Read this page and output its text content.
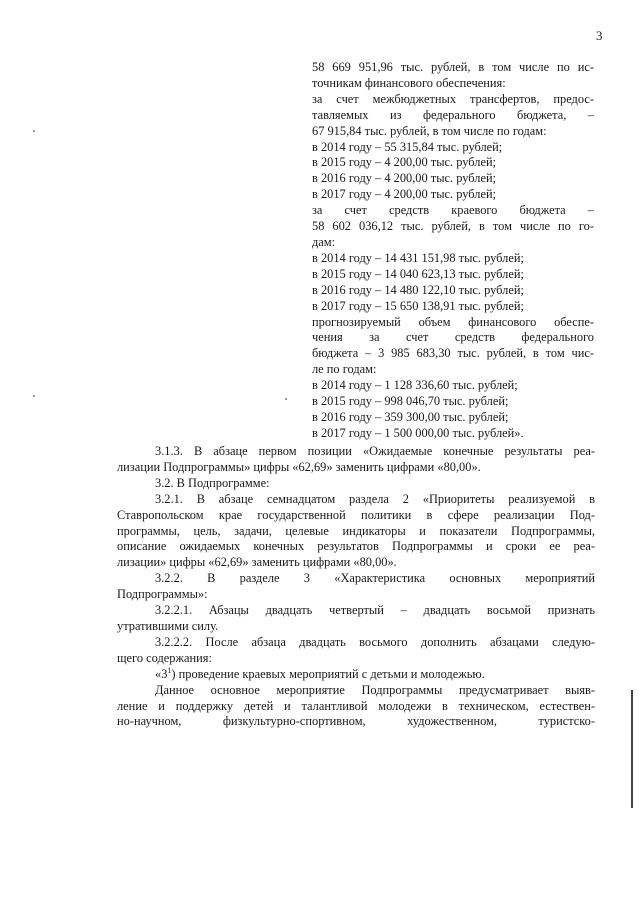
3
58 669 951,96 тыс. рублей, в том числе по ис-
точникам финансового обеспечения:
за счет межбюджетных трансфертов, предос-
тавляемых из федерального бюджета, –
67 915,84 тыс. рублей, в том числе по годам:
в 2014 году – 55 315,84 тыс. рублей;
в 2015 году – 4 200,00 тыс. рублей;
в 2016 году – 4 200,00 тыс. рублей;
в 2017 году – 4 200,00 тыс. рублей;
за счет средств краевого бюджета –
58 602 036,12 тыс. рублей, в том числе по го-
дам:
в 2014 году – 14 431 151,98 тыс. рублей;
в 2015 году – 14 040 623,13 тыс. рублей;
в 2016 году – 14 480 122,10 тыс. рублей;
в 2017 году – 15 650 138,91 тыс. рублей;
прогнозируемый объем финансового обеспе-
чения за счет средств федерального
бюджета – 3 985 683,30 тыс. рублей, в том чис-
ле по годам:
в 2014 году – 1 128 336,60 тыс. рублей;
в 2015 году – 998 046,70 тыс. рублей;
в 2016 году – 359 300,00 тыс. рублей;
в 2017 году – 1 500 000,00 тыс. рублей».

3.1.3. В абзаце первом позиции «Ожидаемые конечные результаты реа-
лизации Подпрограммы» цифры «62,69» заменить цифрами «80,00».

3.2. В Подпрограмме:

3.2.1. В абзаце семнадцатом раздела 2 «Приоритеты реализуемой в
Ставропольском крае государственной политики в сфере реализации Под-
программы, цель, задачи, целевые индикаторы и показатели Подпрограммы,
описание ожидаемых конечных результатов Подпрограммы и сроки ее реа-
лизации» цифры «62,69» заменить цифрами «80,00».

3.2.2. В разделе 3 «Характеристика основных мероприятий
Подпрограммы»:

3.2.2.1. Абзацы двадцать четвертый – двадцать восьмой признать
утратившими силу.

3.2.2.2. После абзаца двадцать восьмого дополнить абзацами следую-
щего содержания:

«$3^1$) проведение краевых мероприятий с детьми и молодежью.

Данное основное мероприятие Подпрограммы предусматривает выяв-
ление и поддержку детей и талантливой молодежи в техническом, естествен-
но-научном, физкультурно-спортивном, художественном, туристско-
